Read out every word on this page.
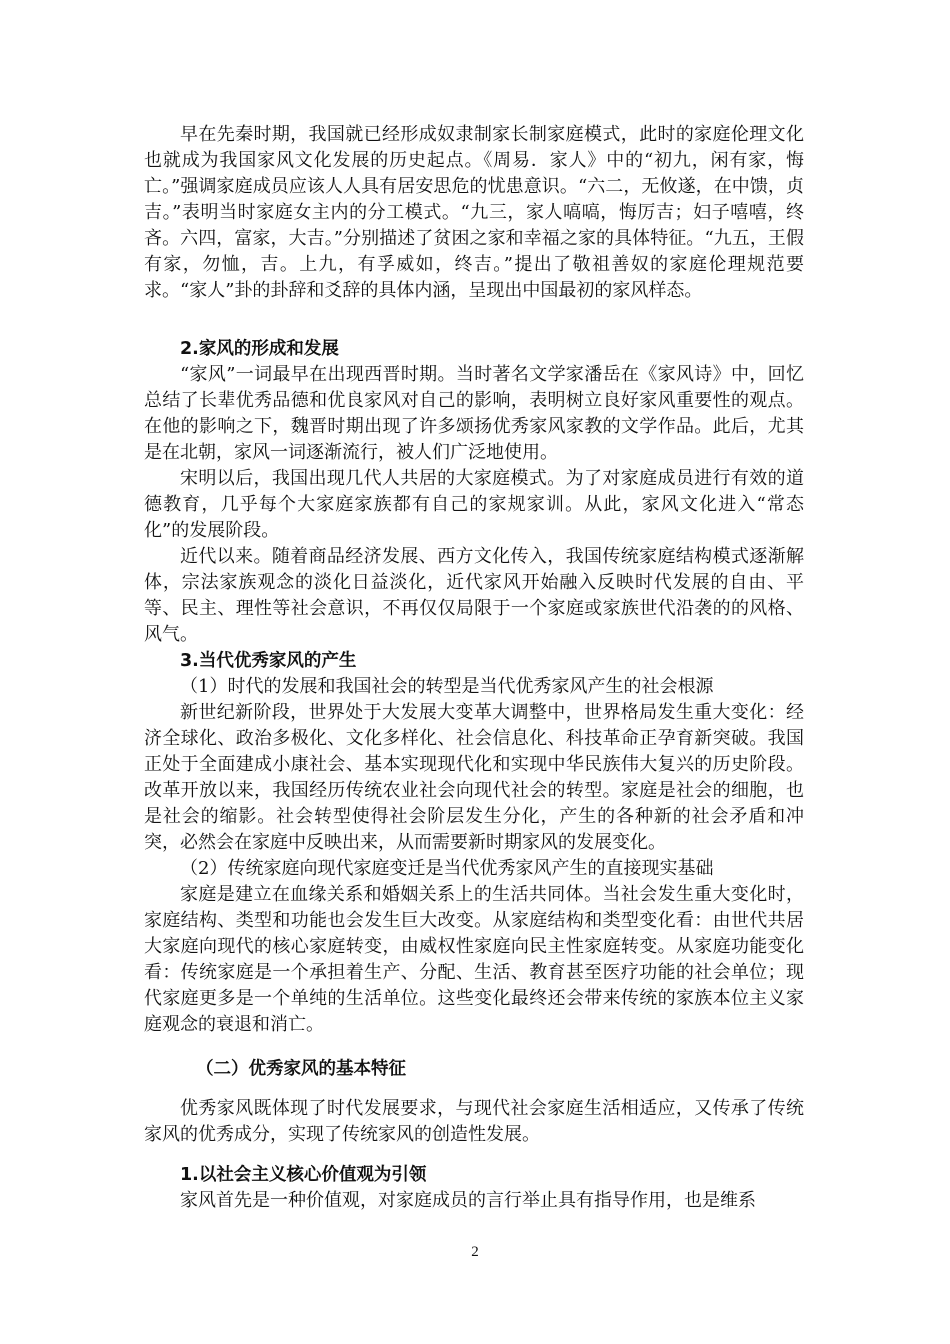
早在先秦时期，我国就已经形成奴隶制家长制家庭模式，此时的家庭伦理文化也就成为我国家风文化发展的历史起点。《周易．家人》中的“初九，闲有家，悔亡。”强调家庭成员应该人人具有居安思危的忧患意识。“六二，无攸遂，在中馈，贞吉。”表明当时家庭女主内的分工模式。“九三，家人嗃嗃，悔厉吉；妇子嘻嘻，终吝。六四，富家，大吉。”分别描述了贫困之家和幸福之家的具体特征。“九五，王假有家，勿恤，吉。上九，有孚威如，终吉。”提出了敬祖善奴的家庭伦理规范要求。“家人”卦的卦辞和爻辞的具体内涵，呈现出中国最初的家风样态。

2.家风的形成和发展

“家风”一词最早在出现西晋时期。当时著名文学家潘岳在《家风诗》中，回忆总结了长辈优秀品德和优良家风对自己的影响，表明树立良好家风重要性的观点。在他的影响之下，魏晋时期出现了许多颂扬优秀家风家教的文学作品。此后，尤其是在北朝，家风一词逐渐流行，被人们广泛地使用。

宋明以后，我国出现几代人共居的大家庭模式。为了对家庭成员进行有效的道德教育，几乎每个大家庭家族都有自己的家规家训。从此，家风文化进入“常态化”的发展阶段。

近代以来。随着商品经济发展、西方文化传入，我国传统家庭结构模式逐渐解体，宗法家族观念的淡化日益淡化，近代家风开始融入反映时代发展的自由、平等、民主、理性等社会意识，不再仅仅局限于一个家庭或家族世代沿袭的的风格、风气。

3.当代优秀家风的产生

（1）时代的发展和我国社会的转型是当代优秀家风产生的社会根源

新世纪新阶段，世界处于大发展大变革大调整中，世界格局发生重大变化：经济全球化、政治多极化、文化多样化、社会信息化、科技革命正孕育新突破。我国正处于全面建成小康社会、基本实现现代化和实现中华民族伟大复兴的历史阶段。改革开放以来，我国经历传统农业社会向现代社会的转型。家庭是社会的细胞，也是社会的缩影。社会转型使得社会阶层发生分化，产生的各种新的社会矛盾和冲突，必然会在家庭中反映出来，从而需要新时期家风的发展变化。

（2）传统家庭向现代家庭变迁是当代优秀家风产生的直接现实基础

家庭是建立在血缘关系和婚姻关系上的生活共同体。当社会发生重大变化时，家庭结构、类型和功能也会发生巨大改变。从家庭结构和类型变化看：由世代共居大家庭向现代的核心家庭转变，由威权性家庭向民主性家庭转变。从家庭功能变化看：传统家庭是一个承担着生产、分配、生活、教育甚至医疗功能的社会单位；现代家庭更多是一个单纯的生活单位。这些变化最终还会带来传统的家族本位主义家庭观念的衰退和消亡。

（二）优秀家风的基本特征

优秀家风既体现了时代发展要求，与现代社会家庭生活相适应，又传承了传统家风的优秀成分，实现了传统家风的创造性发展。

1.以社会主义核心价值观为引领

家风首先是一种价值观，对家庭成员的言行举止具有指导作用，也是维系

2
